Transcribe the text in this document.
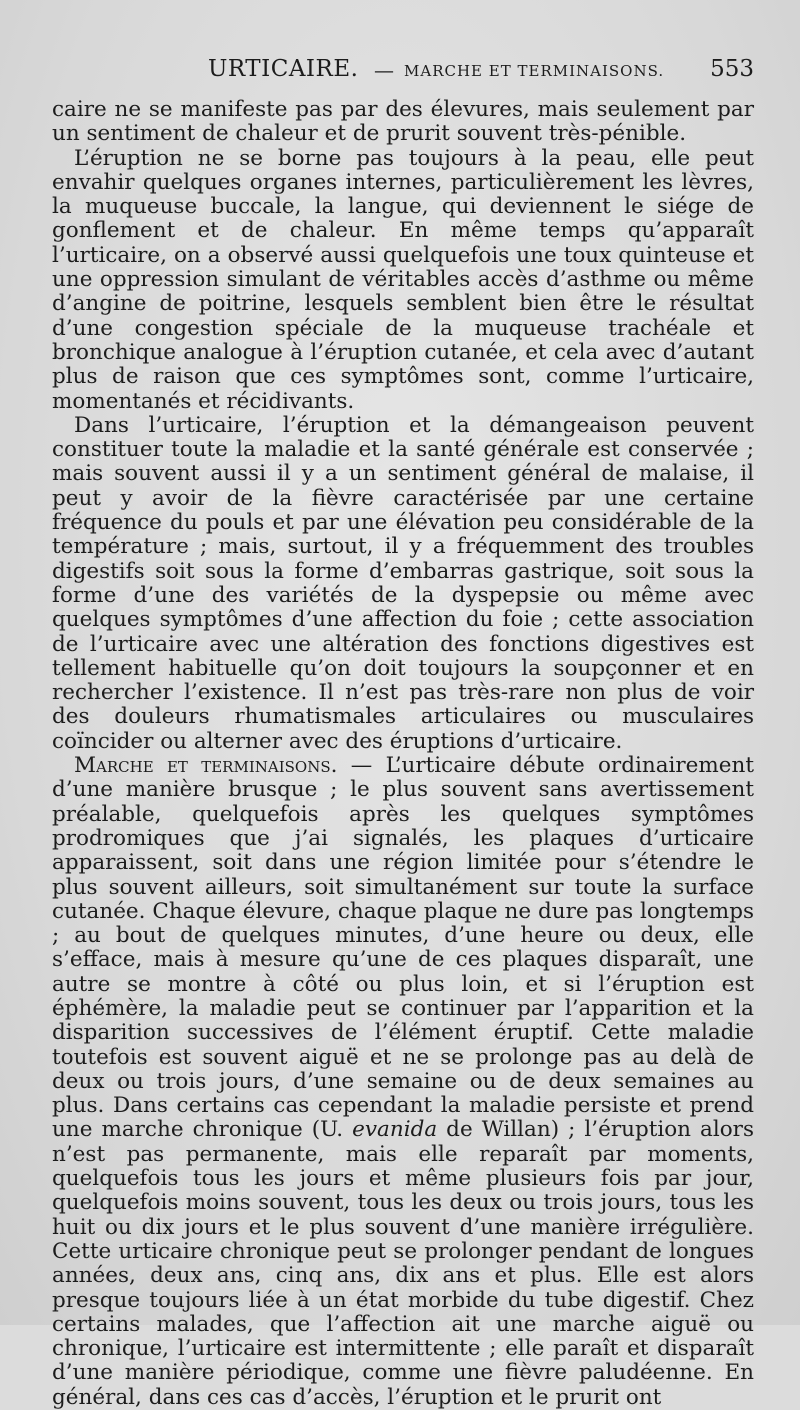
URTICAIRE. — MARCHE ET TERMINAISONS. 553

caire ne se manifeste pas par des élevures, mais seulement par un sentiment de chaleur et de prurit souvent très-pénible.

L’éruption ne se borne pas toujours à la peau, elle peut envahir quelques organes internes, particulièrement les lèvres, la muqueuse buccale, la langue, qui deviennent le siége de gonflement et de chaleur. En même temps qu’apparaît l’urticaire, on a observé aussi quelquefois une toux quinteuse et une oppression simulant de véritables accès d’asthme ou même d’angine de poitrine, lesquels semblent bien être le résultat d’une congestion spéciale de la muqueuse trachéale et bronchique analogue à l’éruption cutanée, et cela avec d’autant plus de raison que ces symptômes sont, comme l’urticaire, momentanés et récidivants.

Dans l’urticaire, l’éruption et la démangeaison peuvent constituer toute la maladie et la santé générale est conservée ; mais souvent aussi il y a un sentiment général de malaise, il peut y avoir de la fièvre caractérisée par une certaine fréquence du pouls et par une élévation peu considérable de la température ; mais, surtout, il y a fréquemment des troubles digestifs soit sous la forme d’embarras gastrique, soit sous la forme d’une des variétés de la dyspepsie ou même avec quelques symptômes d’une affection du foie ; cette association de l’urticaire avec une altération des fonctions digestives est tellement habituelle qu’on doit toujours la soupçonner et en rechercher l’existence. Il n’est pas très-rare non plus de voir des douleurs rhumatismales articulaires ou musculaires coïncider ou alterner avec des éruptions d’urticaire.

Marche et terminaisons. — L’urticaire débute ordinairement d’une manière brusque ; le plus souvent sans avertissement préalable, quelquefois après les quelques symptômes prodromiques que j’ai signalés, les plaques d’urticaire apparaissent, soit dans une région limitée pour s’étendre le plus souvent ailleurs, soit simultanément sur toute la surface cutanée. Chaque élevure, chaque plaque ne dure pas longtemps ; au bout de quelques minutes, d’une heure ou deux, elle s’efface, mais à mesure qu’une de ces plaques disparaît, une autre se montre à côté ou plus loin, et si l’éruption est éphémère, la maladie peut se continuer par l’apparition et la disparition successives de l’élément éruptif. Cette maladie toutefois est souvent aiguë et ne se prolonge pas au delà de deux ou trois jours, d’une semaine ou de deux semaines au plus. Dans certains cas cependant la maladie persiste et prend une marche chronique (U. evanida de Willan) ; l’éruption alors n’est pas permanente, mais elle reparaît par moments, quelquefois tous les jours et même plusieurs fois par jour, quelquefois moins souvent, tous les deux ou trois jours, tous les huit ou dix jours et le plus souvent d’une manière irrégulière. Cette urticaire chronique peut se prolonger pendant de longues années, deux ans, cinq ans, dix ans et plus. Elle est alors presque toujours liée à un état morbide du tube digestif. Chez certains malades, que l’affection ait une marche aiguë ou chronique, l’urticaire est intermittente ; elle paraît et disparaît d’une manière périodique, comme une fièvre paludéenne. En général, dans ces cas d’accès, l’éruption et le prurit ont
